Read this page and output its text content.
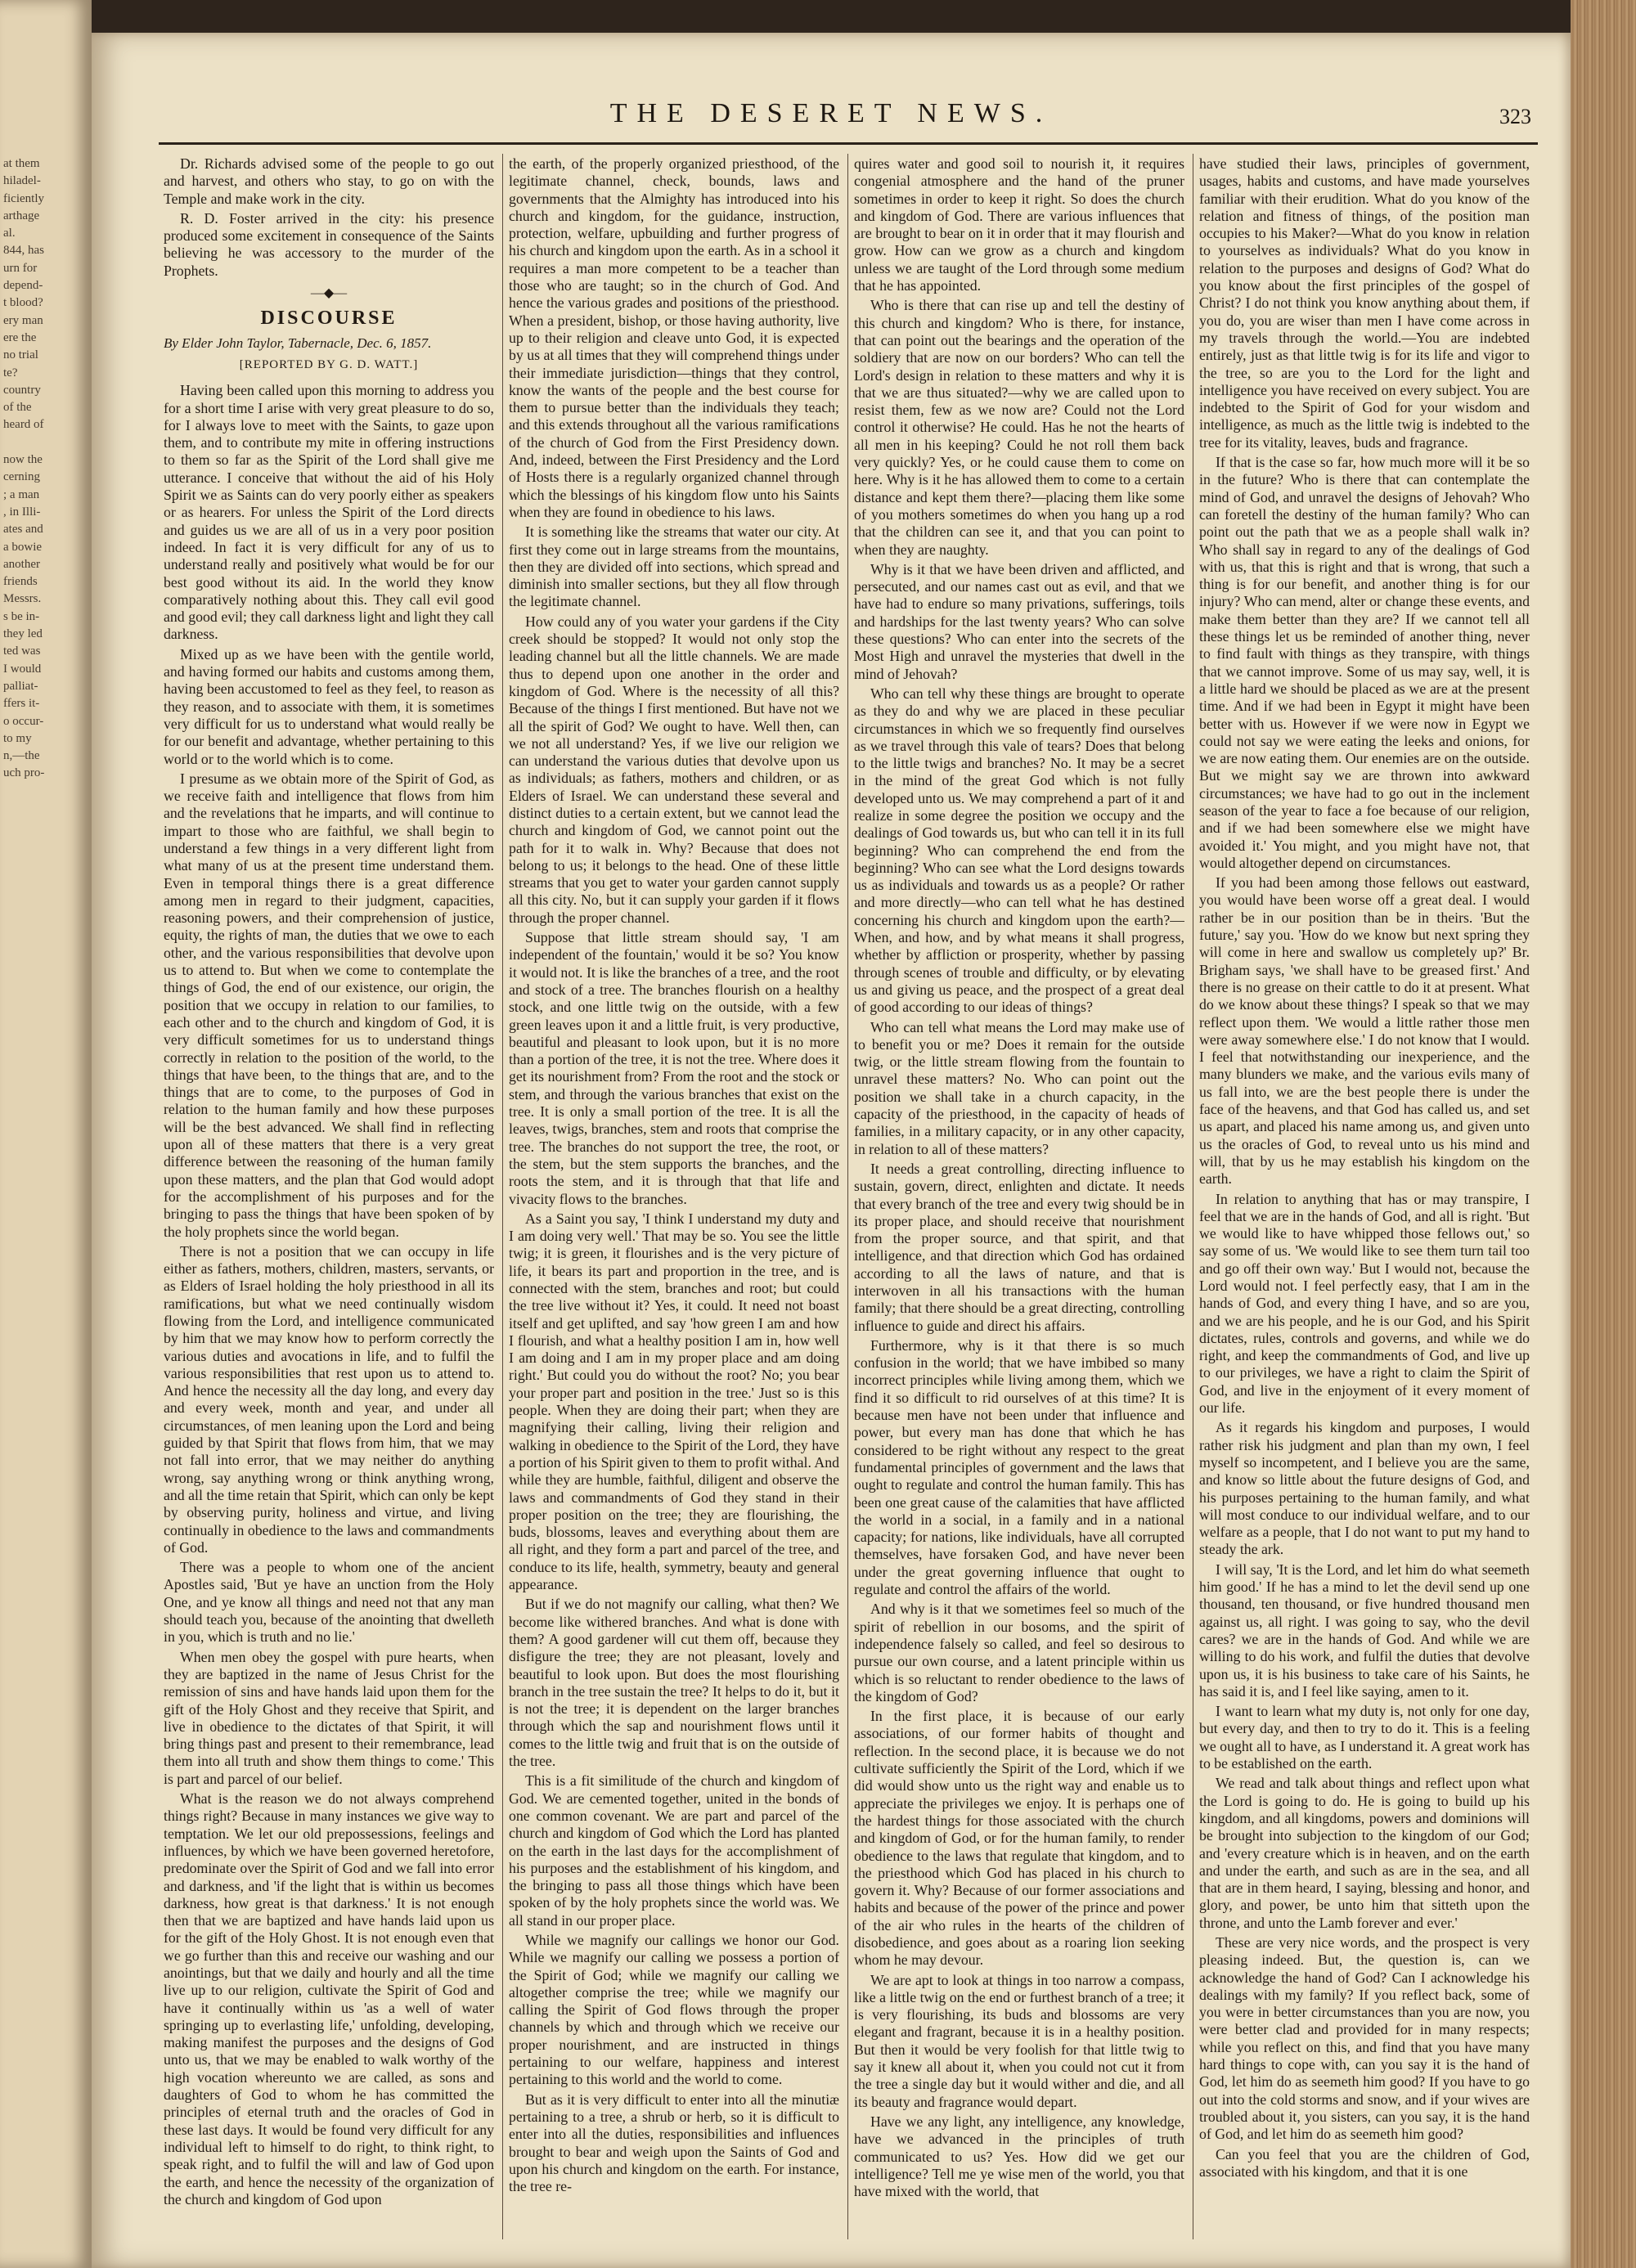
at them
hiladel-
ficiently
arthage
al.
844, has
urn for
depend-
t blood?
ery man
ere the
no trial
te?
country
of the
heard of

now the
cerning
; a man
, in Illi-
ates and
a bowie
another
friends
Messrs.
s be in-
they led
ted was
I would
palliat-
ffers it-
o occur-
to my
n,—the
uch pro-
THE DESERET NEWS.	323

Dr. Richards advised some of the people to go out and harvest, and others who stay, to go on with the Temple and make work in the city.

R. D. Foster arrived in the city: his presence produced some excitement in consequence of the Saints believing he was accessory to the murder of the Prophets.

—◆—
DISCOURSE

By Elder John Taylor, Tabernacle, Dec. 6, 1857.

[REPORTED BY G. D. WATT.]

Having been called upon this morning to address you for a short time I arise with very great pleasure to do so, for I always love to meet with the Saints, to gaze upon them, and to contribute my mite in offering instructions to them so far as the Spirit of the Lord shall give me utterance. I conceive that without the aid of his Holy Spirit we as Saints can do very poorly either as speakers or as hearers. For unless the Spirit of the Lord directs and guides us we are all of us in a very poor position indeed. In fact it is very difficult for any of us to understand really and positively what would be for our best good without its aid. In the world they know comparatively nothing about this. They call evil good and good evil; they call darkness light and light they call darkness.

Mixed up as we have been with the gentile world, and having formed our habits and customs among them, having been accustomed to feel as they feel, to reason as they reason, and to associate with them, it is sometimes very difficult for us to understand what would really be for our benefit and advantage, whether pertaining to this world or to the world which is to come.

I presume as we obtain more of the Spirit of God, as we receive faith and intelligence that flows from him and the revelations that he imparts, and will continue to impart to those who are faithful, we shall begin to understand a few things in a very different light from what many of us at the present time understand them. Even in temporal things there is a great difference among men in regard to their judgment, capacities, reasoning powers, and their comprehension of justice, equity, the rights of man, the duties that we owe to each other, and the various responsibilities that devolve upon us to attend to. But when we come to contemplate the things of God, the end of our existence, our origin, the position that we occupy in relation to our families, to each other and to the church and kingdom of God, it is very difficult sometimes for us to understand things correctly in relation to the position of the world, to the things that have been, to the things that are, and to the things that are to come, to the purposes of God in relation to the human family and how these purposes will be the best advanced. We shall find in reflecting upon all of these matters that there is a very great difference between the reasoning of the human family upon these matters, and the plan that God would adopt for the accomplishment of his purposes and for the bringing to pass the things that have been spoken of by the holy prophets since the world began.

There is not a position that we can occupy in life either as fathers, mothers, children, masters, servants, or as Elders of Israel holding the holy priesthood in all its ramifications, but what we need continually wisdom flowing from the Lord, and intelligence communicated by him that we may know how to perform correctly the various duties and avocations in life, and to fulfil the various responsibilities that rest upon us to attend to. And hence the necessity all the day long, and every day and every week, month and year, and under all circumstances, of men leaning upon the Lord and being guided by that Spirit that flows from him, that we may not fall into error, that we may neither do anything wrong, say anything wrong or think anything wrong, and all the time retain that Spirit, which can only be kept by observing purity, holiness and virtue, and living continually in obedience to the laws and commandments of God.

There was a people to whom one of the ancient Apostles said, 'But ye have an unction from the Holy One, and ye know all things and need not that any man should teach you, because of the anointing that dwelleth in you, which is truth and no lie.'

When men obey the gospel with pure hearts, when they are baptized in the name of Jesus Christ for the remission of sins and have hands laid upon them for the gift of the Holy Ghost and they receive that Spirit, and live in obedience to the dictates of that Spirit, it will bring things past and present to their remembrance, lead them into all truth and show them things to come.' This is part and parcel of our belief.

What is the reason we do not always comprehend things right? Because in many instances we give way to temptation. We let our old prepossessions, feelings and influences, by which we have been governed heretofore, predominate over the Spirit of God and we fall into error and darkness, and 'if the light that is within us becomes darkness, how great is that darkness.' It is not enough then that we are baptized and have hands laid upon us for the gift of the Holy Ghost. It is not enough even that we go further than this and receive our washing and our anointings, but that we daily and hourly and all the time live up to our religion, cultivate the Spirit of God and have it continually within us 'as a well of water springing up to everlasting life,' unfolding, developing, making manifest the purposes and the designs of God unto us, that we may be enabled to walk worthy of the high vocation whereunto we are called, as sons and daughters of God to whom he has committed the principles of eternal truth and the oracles of God in these last days. It would be found very difficult for any individual left to himself to do right, to think right, to speak right, and to fulfil the will and law of God upon the earth, and hence the necessity of the organization of the church and kingdom of God upon

the earth, of the properly organized priesthood, of the legitimate channel, check, bounds, laws and governments that the Almighty has introduced into his church and kingdom, for the guidance, instruction, protection, welfare, upbuilding and further progress of his church and kingdom upon the earth. As in a school it requires a man more competent to be a teacher than those who are taught; so in the church of God. And hence the various grades and positions of the priesthood. When a president, bishop, or those having authority, live up to their religion and cleave unto God, it is expected by us at all times that they will comprehend things under their immediate jurisdiction—things that they control, know the wants of the people and the best course for them to pursue better than the individuals they teach; and this extends throughout all the various ramifications of the church of God from the First Presidency down. And, indeed, between the First Presidency and the Lord of Hosts there is a regularly organized channel through which the blessings of his kingdom flow unto his Saints when they are found in obedience to his laws.

It is something like the streams that water our city. At first they come out in large streams from the mountains, then they are divided off into sections, which spread and diminish into smaller sections, but they all flow through the legitimate channel.

How could any of you water your gardens if the City creek should be stopped? It would not only stop the leading channel but all the little channels. We are made thus to depend upon one another in the order and kingdom of God. Where is the necessity of all this? Because of the things I first mentioned. But have not we all the spirit of God? We ought to have. Well then, can we not all understand? Yes, if we live our religion we can understand the various duties that devolve upon us as individuals; as fathers, mothers and children, or as Elders of Israel. We can understand these several and distinct duties to a certain extent, but we cannot lead the church and kingdom of God, we cannot point out the path for it to walk in. Why? Because that does not belong to us; it belongs to the head. One of these little streams that you get to water your garden cannot supply all this city. No, but it can supply your garden if it flows through the proper channel.

Suppose that little stream should say, 'I am independent of the fountain,' would it be so? You know it would not. It is like the branches of a tree, and the root and stock of a tree. The branches flourish on a healthy stock, and one little twig on the outside, with a few green leaves upon it and a little fruit, is very productive, beautiful and pleasant to look upon, but it is no more than a portion of the tree, it is not the tree. Where does it get its nourishment from? From the root and the stock or stem, and through the various branches that exist on the tree. It is only a small portion of the tree. It is all the leaves, twigs, branches, stem and roots that comprise the tree. The branches do not support the tree, the root, or the stem, but the stem supports the branches, and the roots the stem, and it is through that that life and vivacity flows to the branches.

As a Saint you say, 'I think I understand my duty and I am doing very well.' That may be so. You see the little twig; it is green, it flourishes and is the very picture of life, it bears its part and proportion in the tree, and is connected with the stem, branches and root; but could the tree live without it? Yes, it could. It need not boast itself and get uplifted, and say 'how green I am and how I flourish, and what a healthy position I am in, how well I am doing and I am in my proper place and am doing right.' But could you do without the root? No; you bear your proper part and position in the tree.' Just so is this people. When they are doing their part; when they are magnifying their calling, living their religion and walking in obedience to the Spirit of the Lord, they have a portion of his Spirit given to them to profit withal. And while they are humble, faithful, diligent and observe the laws and commandments of God they stand in their proper position on the tree; they are flourishing, the buds, blossoms, leaves and everything about them are all right, and they form a part and parcel of the tree, and conduce to its life, health, symmetry, beauty and general appearance.

But if we do not magnify our calling, what then? We become like withered branches. And what is done with them? A good gardener will cut them off, because they disfigure the tree; they are not pleasant, lovely and beautiful to look upon. But does the most flourishing branch in the tree sustain the tree? It helps to do it, but it is not the tree; it is dependent on the larger branches through which the sap and nourishment flows until it comes to the little twig and fruit that is on the outside of the tree.

This is a fit similitude of the church and kingdom of God. We are cemented together, united in the bonds of one common covenant. We are part and parcel of the church and kingdom of God which the Lord has planted on the earth in the last days for the accomplishment of his purposes and the establishment of his kingdom, and the bringing to pass all those things which have been spoken of by the holy prophets since the world was. We all stand in our proper place.

While we magnify our callings we honor our God. While we magnify our calling we possess a portion of the Spirit of God; while we magnify our calling we altogether comprise the tree; while we magnify our calling the Spirit of God flows through the proper channels by which and through which we receive our proper nourishment, and are instructed in things pertaining to our welfare, happiness and interest pertaining to this world and the world to come.

But as it is very difficult to enter into all the minutiæ pertaining to a tree, a shrub or herb, so it is difficult to enter into all the duties, responsibilities and influences brought to bear and weigh upon the Saints of God and upon his church and kingdom on the earth. For instance, the tree re-

quires water and good soil to nourish it, it requires congenial atmosphere and the hand of the pruner sometimes in order to keep it right. So does the church and kingdom of God. There are various influences that are brought to bear on it in order that it may flourish and grow. How can we grow as a church and kingdom unless we are taught of the Lord through some medium that he has appointed.

Who is there that can rise up and tell the destiny of this church and kingdom? Who is there, for instance, that can point out the bearings and the operation of the soldiery that are now on our borders? Who can tell the Lord's design in relation to these matters and why it is that we are thus situated?—why we are called upon to resist them, few as we now are? Could not the Lord control it otherwise? He could. Has he not the hearts of all men in his keeping? Could he not roll them back very quickly? Yes, or he could cause them to come on here. Why is it he has allowed them to come to a certain distance and kept them there?—placing them like some of you mothers sometimes do when you hang up a rod that the children can see it, and that you can point to when they are naughty.

Why is it that we have been driven and afflicted, and persecuted, and our names cast out as evil, and that we have had to endure so many privations, sufferings, toils and hardships for the last twenty years? Who can solve these questions? Who can enter into the secrets of the Most High and unravel the mysteries that dwell in the mind of Jehovah?

Who can tell why these things are brought to operate as they do and why we are placed in these peculiar circumstances in which we so frequently find ourselves as we travel through this vale of tears? Does that belong to the little twigs and branches? No. It may be a secret in the mind of the great God which is not fully developed unto us. We may comprehend a part of it and realize in some degree the position we occupy and the dealings of God towards us, but who can tell it in its full beginning? Who can comprehend the end from the beginning? Who can see what the Lord designs towards us as individuals and towards us as a people? Or rather and more directly—who can tell what he has destined concerning his church and kingdom upon the earth?—When, and how, and by what means it shall progress, whether by affliction or prosperity, whether by passing through scenes of trouble and difficulty, or by elevating us and giving us peace, and the prospect of a great deal of good according to our ideas of things?

Who can tell what means the Lord may make use of to benefit you or me? Does it remain for the outside twig, or the little stream flowing from the fountain to unravel these matters? No. Who can point out the position we shall take in a church capacity, in the capacity of the priesthood, in the capacity of heads of families, in a military capacity, or in any other capacity, in relation to all of these matters?

It needs a great controlling, directing influence to sustain, govern, direct, enlighten and dictate. It needs that every branch of the tree and every twig should be in its proper place, and should receive that nourishment from the proper source, and that spirit, and that intelligence, and that direction which God has ordained according to all the laws of nature, and that is interwoven in all his transactions with the human family; that there should be a great directing, controlling influence to guide and direct his affairs.

Furthermore, why is it that there is so much confusion in the world; that we have imbibed so many incorrect principles while living among them, which we find it so difficult to rid ourselves of at this time? It is because men have not been under that influence and power, but every man has done that which he has considered to be right without any respect to the great fundamental principles of government and the laws that ought to regulate and control the human family. This has been one great cause of the calamities that have afflicted the world in a social, in a family and in a national capacity; for nations, like individuals, have all corrupted themselves, have forsaken God, and have never been under the great governing influence that ought to regulate and control the affairs of the world.

And why is it that we sometimes feel so much of the spirit of rebellion in our bosoms, and the spirit of independence falsely so called, and feel so desirous to pursue our own course, and a latent principle within us which is so reluctant to render obedience to the laws of the kingdom of God?

In the first place, it is because of our early associations, of our former habits of thought and reflection. In the second place, it is because we do not cultivate sufficiently the Spirit of the Lord, which if we did would show unto us the right way and enable us to appreciate the privileges we enjoy. It is perhaps one of the hardest things for those associated with the church and kingdom of God, or for the human family, to render obedience to the laws that regulate that kingdom, and to the priesthood which God has placed in his church to govern it. Why? Because of our former associations and habits and because of the power of the prince and power of the air who rules in the hearts of the children of disobedience, and goes about as a roaring lion seeking whom he may devour.

We are apt to look at things in too narrow a compass, like a little twig on the end or furthest branch of a tree; it is very flourishing, its buds and blossoms are very elegant and fragrant, because it is in a healthy position. But then it would be very foolish for that little twig to say it knew all about it, when you could not cut it from the tree a single day but it would wither and die, and all its beauty and fragrance would depart.

Have we any light, any intelligence, any knowledge, have we advanced in the principles of truth communicated to us? Yes. How did we get our intelligence? Tell me ye wise men of the world, you that have mixed with the world, that

have studied their laws, principles of government, usages, habits and customs, and have made yourselves familiar with their erudition. What do you know of the relation and fitness of things, of the position man occupies to his Maker?—What do you know in relation to yourselves as individuals? What do you know in relation to the purposes and designs of God? What do you know about the first principles of the gospel of Christ? I do not think you know anything about them, if you do, you are wiser than men I have come across in my travels through the world.—You are indebted entirely, just as that little twig is for its life and vigor to the tree, so are you to the Lord for the light and intelligence you have received on every subject. You are indebted to the Spirit of God for your wisdom and intelligence, as much as the little twig is indebted to the tree for its vitality, leaves, buds and fragrance.

If that is the case so far, how much more will it be so in the future? Who is there that can contemplate the mind of God, and unravel the designs of Jehovah? Who can foretell the destiny of the human family? Who can point out the path that we as a people shall walk in? Who shall say in regard to any of the dealings of God with us, that this is right and that is wrong, that such a thing is for our benefit, and another thing is for our injury? Who can mend, alter or change these events, and make them better than they are? If we cannot tell all these things let us be reminded of another thing, never to find fault with things as they transpire, with things that we cannot improve. Some of us may say, well, it is a little hard we should be placed as we are at the present time. And if we had been in Egypt it might have been better with us. However if we were now in Egypt we could not say we were eating the leeks and onions, for we are now eating them. Our enemies are on the outside. But we might say we are thrown into awkward circumstances; we have had to go out in the inclement season of the year to face a foe because of our religion, and if we had been somewhere else we might have avoided it.' You might, and you might have not, that would altogether depend on circumstances.

If you had been among those fellows out eastward, you would have been worse off a great deal. I would rather be in our position than be in theirs. 'But the future,' say you. 'How do we know but next spring they will come in here and swallow us completely up?' Br. Brigham says, 'we shall have to be greased first.' And there is no grease on their cattle to do it at present. What do we know about these things? I speak so that we may reflect upon them. 'We would a little rather those men were away somewhere else.' I do not know that I would. I feel that notwithstanding our inexperience, and the many blunders we make, and the various evils many of us fall into, we are the best people there is under the face of the heavens, and that God has called us, and set us apart, and placed his name among us, and given unto us the oracles of God, to reveal unto us his mind and will, that by us he may establish his kingdom on the earth.

In relation to anything that has or may transpire, I feel that we are in the hands of God, and all is right. 'But we would like to have whipped those fellows out,' so say some of us. 'We would like to see them turn tail too and go off their own way.' But I would not, because the Lord would not. I feel perfectly easy, that I am in the hands of God, and every thing I have, and so are you, and we are his people, and he is our God, and his Spirit dictates, rules, controls and governs, and while we do right, and keep the commandments of God, and live up to our privileges, we have a right to claim the Spirit of God, and live in the enjoyment of it every moment of our life.

As it regards his kingdom and purposes, I would rather risk his judgment and plan than my own, I feel myself so incompetent, and I believe you are the same, and know so little about the future designs of God, and his purposes pertaining to the human family, and what will most conduce to our individual welfare, and to our welfare as a people, that I do not want to put my hand to steady the ark.

I will say, 'It is the Lord, and let him do what seemeth him good.' If he has a mind to let the devil send up one thousand, ten thousand, or five hundred thousand men against us, all right. I was going to say, who the devil cares? we are in the hands of God. And while we are willing to do his work, and fulfil the duties that devolve upon us, it is his business to take care of his Saints, he has said it is, and I feel like saying, amen to it.

I want to learn what my duty is, not only for one day, but every day, and then to try to do it. This is a feeling we ought all to have, as I understand it. A great work has to be established on the earth.

We read and talk about things and reflect upon what the Lord is going to do. He is going to build up his kingdom, and all kingdoms, powers and dominions will be brought into subjection to the kingdom of our God; and 'every creature which is in heaven, and on the earth and under the earth, and such as are in the sea, and all that are in them heard, I saying, blessing and honor, and glory, and power, be unto him that sitteth upon the throne, and unto the Lamb forever and ever.'

These are very nice words, and the prospect is very pleasing indeed. But, the question is, can we acknowledge the hand of God? Can I acknowledge his dealings with my family? If you reflect back, some of you were in better circumstances than you are now, you were better clad and provided for in many respects; while you reflect on this, and find that you have many hard things to cope with, can you say it is the hand of God, let him do as seemeth him good? If you have to go out into the cold storms and snow, and if your wives are troubled about it, you sisters, can you say, it is the hand of God, and let him do as seemeth him good?

Can you feel that you are the children of God, associated with his kingdom, and that it is one
